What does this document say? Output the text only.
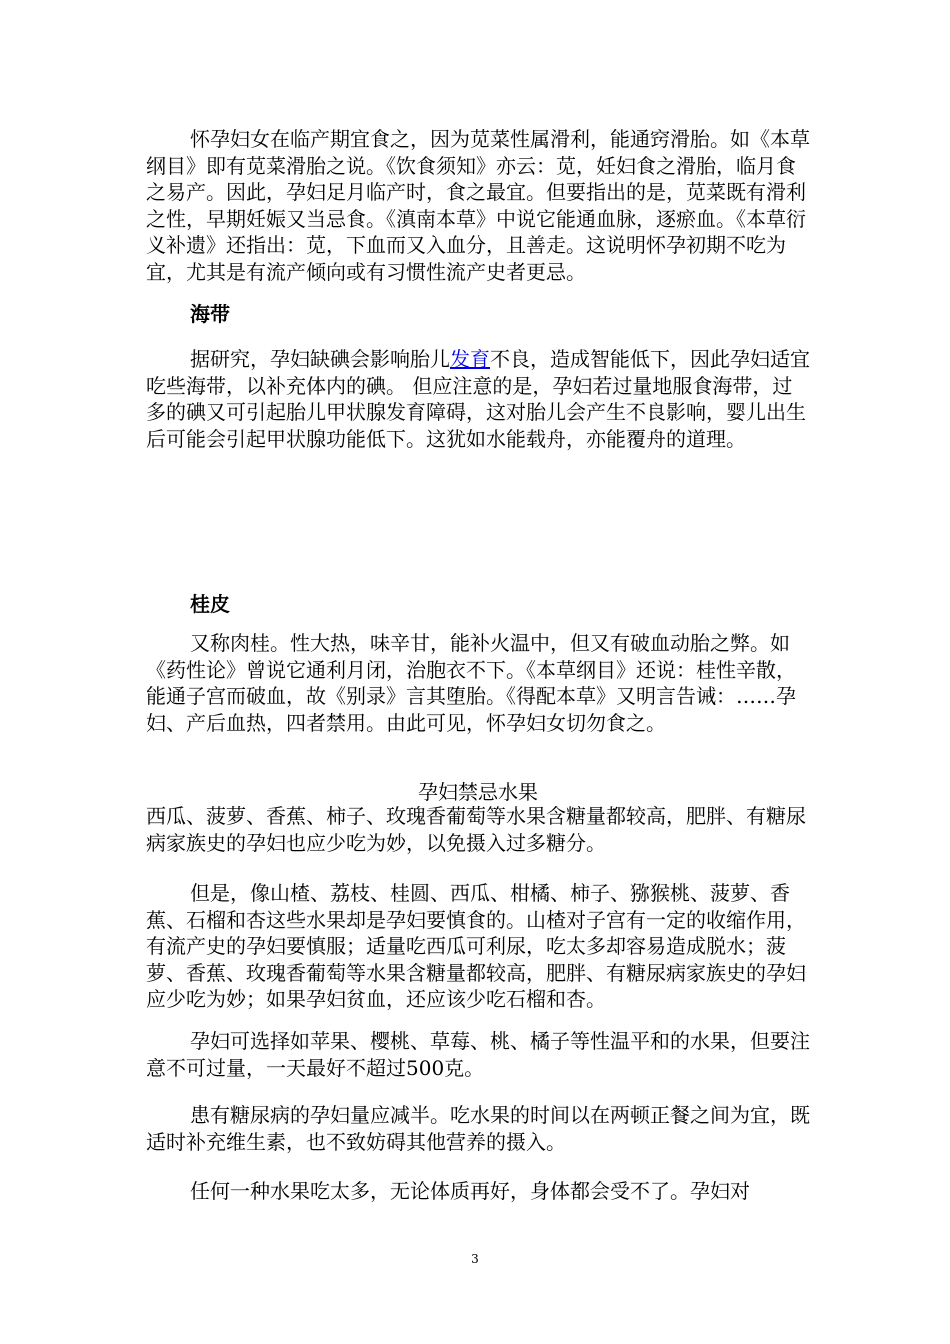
怀孕妇女在临产期宜食之，因为苋菜性属滑利，能通窍滑胎。如《本草纲目》即有苋菜滑胎之说。《饮食须知》亦云：苋，妊妇食之滑胎，临月食之易产。因此，孕妇足月临产时，食之最宜。但要指出的是，苋菜既有滑利之性，早期妊娠又当忌食。《滇南本草》中说它能通血脉，逐瘀血。《本草衍义补遗》还指出：苋，下血而又入血分，且善走。这说明怀孕初期不吃为宜，尤其是有流产倾向或有习惯性流产史者更忌。

海带

据研究，孕妇缺碘会影响胎儿发育不良，造成智能低下，因此孕妇适宜吃些海带，以补充体内的碘。 但应注意的是，孕妇若过量地服食海带，过多的碘又可引起胎儿甲状腺发育障碍，这对胎儿会产生不良影响，婴儿出生后可能会引起甲状腺功能低下。这犹如水能载舟，亦能覆舟的道理。

桂皮

又称肉桂。性大热，味辛甘，能补火温中，但又有破血动胎之弊。如《药性论》曾说它通利月闭，治胞衣不下。《本草纲目》还说：桂性辛散，能通子宫而破血，故《别录》言其堕胎。《得配本草》又明言告诫：……孕妇、产后血热，四者禁用。由此可见，怀孕妇女切勿食之。

孕妇禁忌水果

西瓜、菠萝、香蕉、柿子、玫瑰香葡萄等水果含糖量都较高，肥胖、有糖尿病家族史的孕妇也应少吃为妙，以免摄入过多糖分。

但是，像山楂、荔枝、桂圆、西瓜、柑橘、柿子、猕猴桃、菠萝、香蕉、石榴和杏这些水果却是孕妇要慎食的。山楂对子宫有一定的收缩作用，有流产史的孕妇要慎服；适量吃西瓜可利尿，吃太多却容易造成脱水；菠萝、香蕉、玫瑰香葡萄等水果含糖量都较高，肥胖、有糖尿病家族史的孕妇应少吃为妙；如果孕妇贫血，还应该少吃石榴和杏。

孕妇可选择如苹果、樱桃、草莓、桃、橘子等性温平和的水果，但要注意不可过量，一天最好不超过500克。

患有糖尿病的孕妇量应减半。吃水果的时间以在两顿正餐之间为宜，既适时补充维生素，也不致妨碍其他营养的摄入。

任何一种水果吃太多，无论体质再好，身体都会受不了。孕妇对

3
